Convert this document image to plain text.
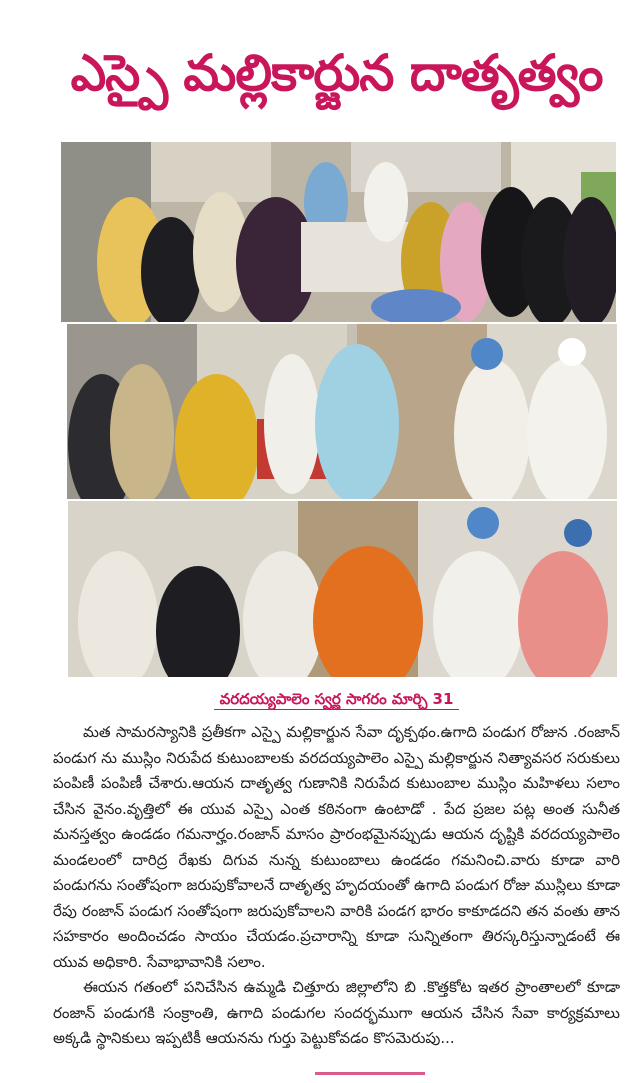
ఎస్పై మల్లికార్జున దాతృత్వం
వరదయ్యపాలెం స్వర్ణ సాగరం మార్చి 31

మత సామరస్యానికి ప్రతీకగా ఎస్పై మల్లికార్జున సేవా దృక్పథం.ఉగాది పండుగ రోజున .రంజాన్ పండుగ ను ముస్లిం నిరుపేద కుటుంబాలకు వరదయ్యపాలెం ఎస్పై మల్లికార్జున నిత్యావసర సరుకులు పంపిణీ పంపిణీ చేశారు.ఆయన దాతృత్వ గుణానికి నిరుపేద కుటుంబాల ముస్లిం మహిళలు సలాం చేసిన వైనం.వృత్తిలో ఈ యువ ఎస్పై ఎంత కఠినంగా ఉంటాడో . పేద ప్రజల పట్ల అంత సునీత మనస్తత్వం ఉండడం గమనార్హం.రంజాన్ మాసం ప్రారంభమైనప్పుడు ఆయన దృష్టికి వరదయ్యపాలెం మండలంలో దారిద్ర రేఖకు దిగువ నున్న కుటుంబాలు ఉండడం గమనించి.వారు కూడా వారి పండుగను సంతోషంగా జరుపుకోవాలనే దాతృత్వ హృదయంతో ఉగాది పండుగ రోజు ముస్లిలు కూడా రేపు రంజాన్ పండుగ సంతోషంగా జరుపుకోవాలని వారికి పండగ భారం కాకూడదని తన వంతు తాన సహకారం అందించడం సాయం చేయడం.ప్రచారాన్ని కూడా సున్నితంగా తిరస్కరిస్తున్నాడంటే ఈ యువ అధికారి. సేవాభావానికి సలాం.

ఈయన గతంలో పనిచేసిన ఉమ్మడి చిత్తూరు జిల్లాలోని బి .కొత్తకోట ఇతర ప్రాంతాలలో కూడా రంజాన్ పండుగకి సంక్రాంతి, ఉగాది పండుగల సందర్భముగా ఆయన చేసిన సేవా కార్యక్రమాలు అక్కడి స్థానికులు ఇప్పటికీ ఆయనను గుర్తు పెట్టుకోవడం కొసమెరుపు...
